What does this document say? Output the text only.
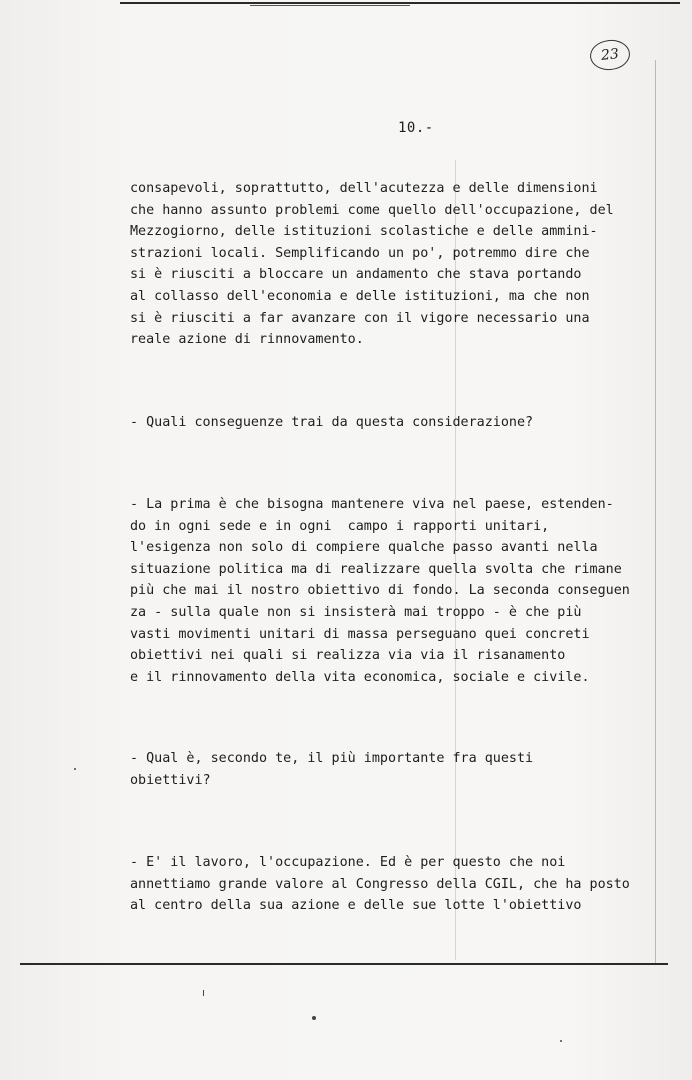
23
10.-

consapevoli, soprattutto, dell'acutezza e delle dimensioni
che hanno assunto problemi come quello dell'occupazione, del
Mezzogiorno, delle istituzioni scolastiche e delle ammini-
strazioni locali. Semplificando un po', potremmo dire che
si è riusciti a bloccare un andamento che stava portando
al collasso dell'economia e delle istituzioni, ma che non
si è riusciti a far avanzare con il vigore necessario una
reale azione di rinnovamento.

- Quali conseguenze trai da questa considerazione?

- La prima è che bisogna mantenere viva nel paese, estenden-
do in ogni sede e in ogni  campo i rapporti unitari,
l'esigenza non solo di compiere qualche passo avanti nella
situazione politica ma di realizzare quella svolta che rimane
più che mai il nostro obiettivo di fondo. La seconda conseguen
za - sulla quale non si insisterà mai troppo - è che più
vasti movimenti unitari di massa perseguano quei concreti
obiettivi nei quali si realizza via via il risanamento
e il rinnovamento della vita economica, sociale e civile.

- Qual è, secondo te, il più importante fra questi
obiettivi?

- E' il lavoro, l'occupazione. Ed è per questo che noi
annettiamo grande valore al Congresso della CGIL, che ha posto
al centro della sua azione e delle sue lotte l'obiettivo
